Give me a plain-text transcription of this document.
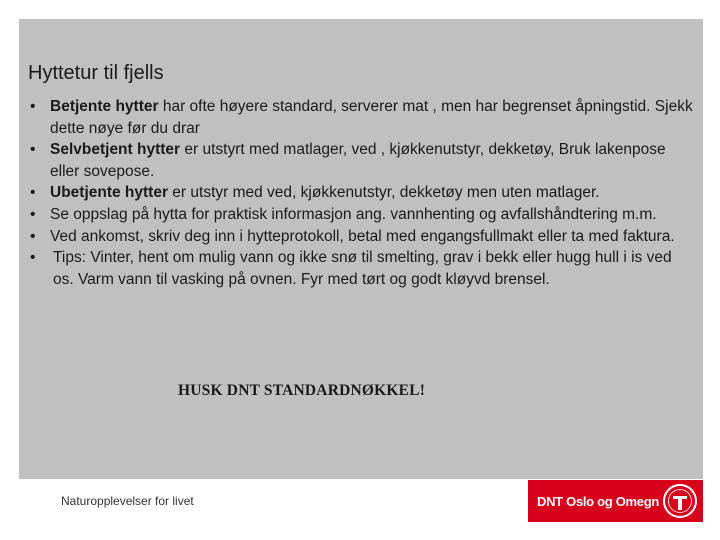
Hyttetur til fjells
• Betjente hytter har ofte høyere standard, serverer mat , men har begrenset åpningstid. Sjekk dette nøye før du drar
• Selvbetjent hytter er utstyrt med matlager, ved , kjøkkenutstyr, dekketøy, Bruk lakenpose eller sovepose.
• Ubetjente hytter er utstyr med ved, kjøkkenutstyr, dekketøy men uten matlager.
• Se oppslag på hytta for praktisk informasjon ang. vannhenting og avfallshåndtering m.m.
• Ved ankomst, skriv deg inn i hytteprotokoll, betal med engangsfullmakt eller ta med faktura.
• Tips: Vinter, hent om mulig vann og ikke snø til smelting, grav i bekk eller hugg hull i is ved os. Varm vann til vasking på ovnen. Fyr med tørt og godt kløyvd brensel.
HUSK DNT STANDARDNØKKEL!
Naturopplevelser for livet	DNT Oslo og Omegn
